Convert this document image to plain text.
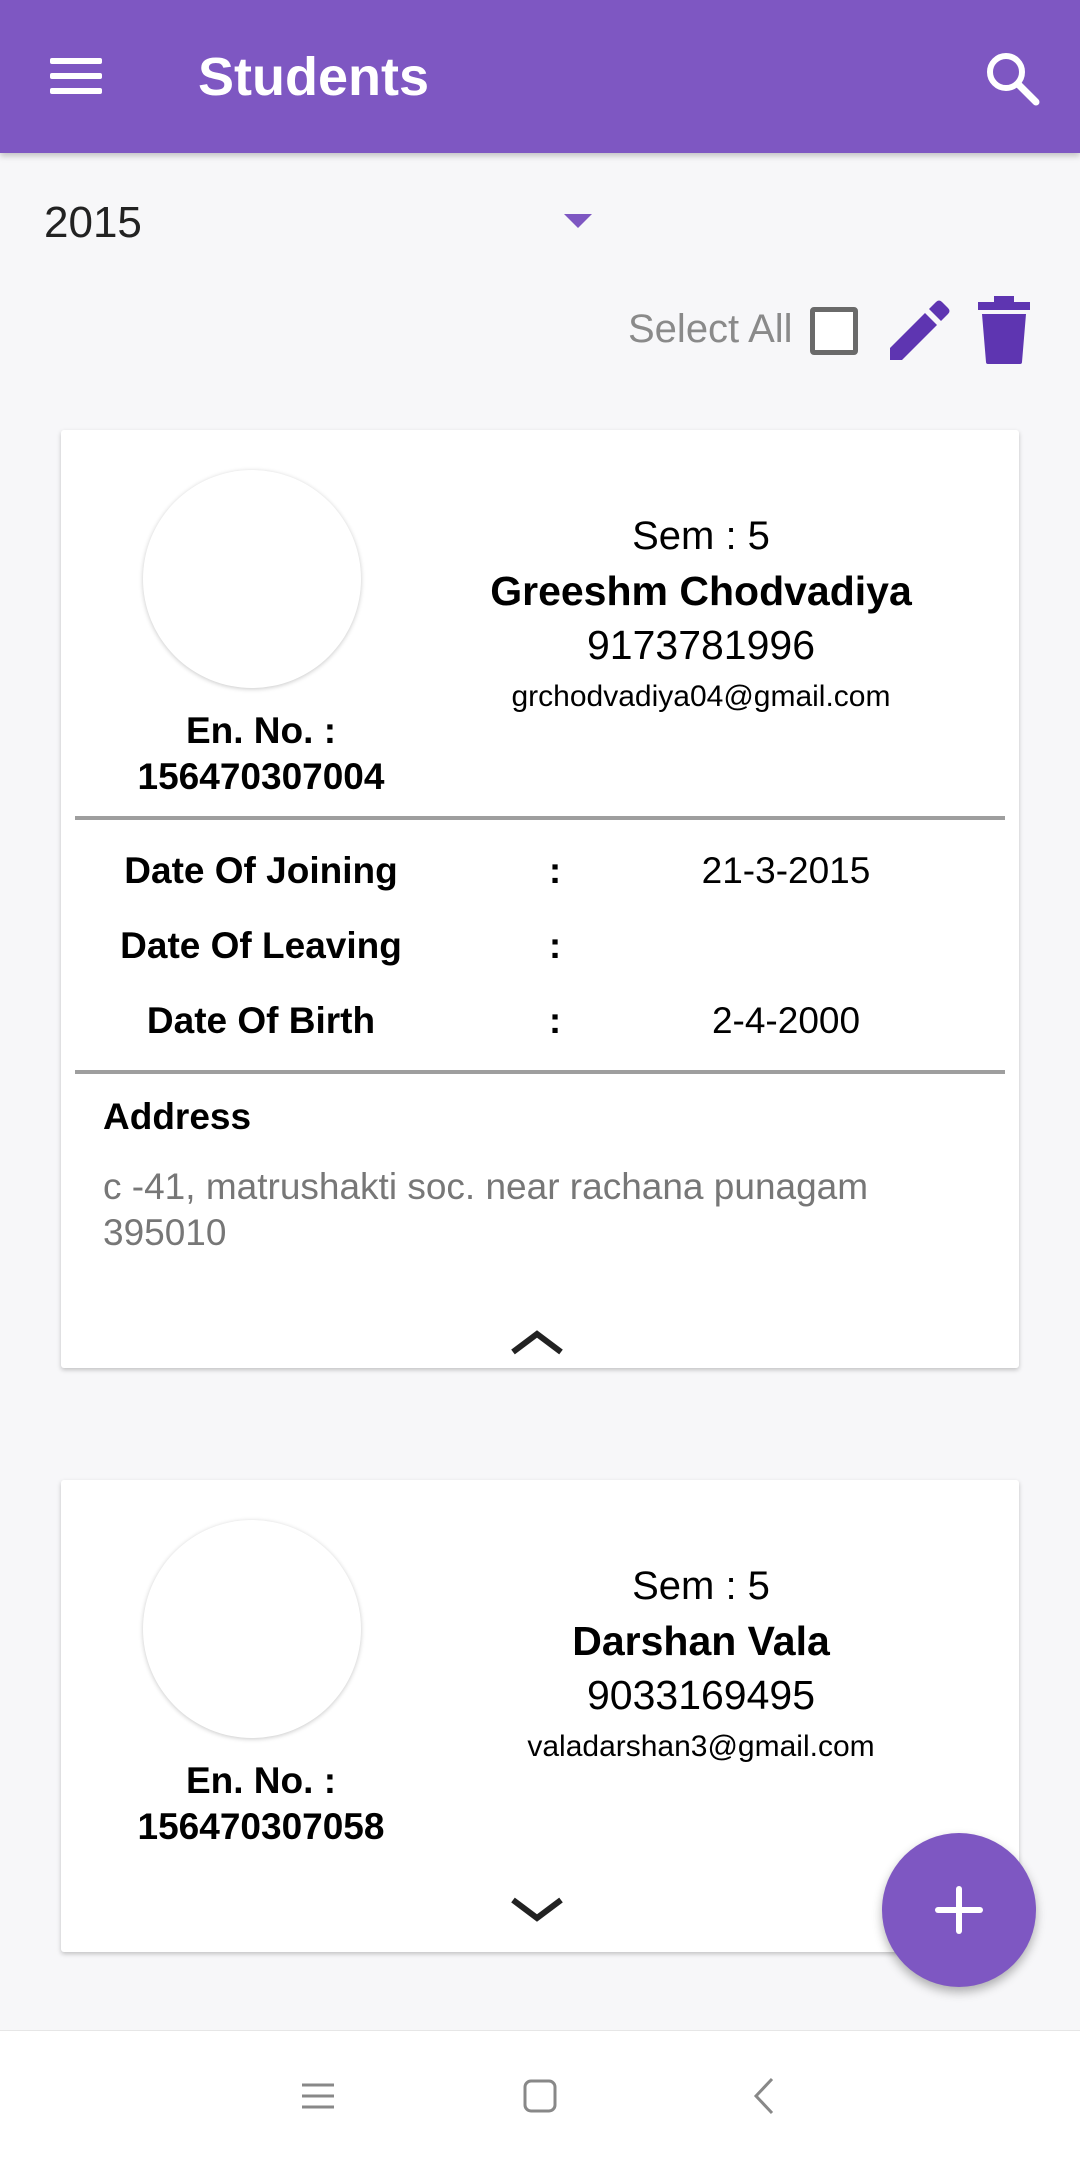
Students
2015
Select All
En. No. :
156470307004
Sem : 5
Greeshm Chodvadiya
9173781996
grchodvadiya04@gmail.com
Date Of Joining	:	21-3-2015
Date Of Leaving	:
Date Of Birth	:	2-4-2000
Address
c -41, matrushakti soc. near rachana punagam 395010
En. No. :
156470307058
Sem : 5
Darshan Vala
9033169495
valadarshan3@gmail.com
